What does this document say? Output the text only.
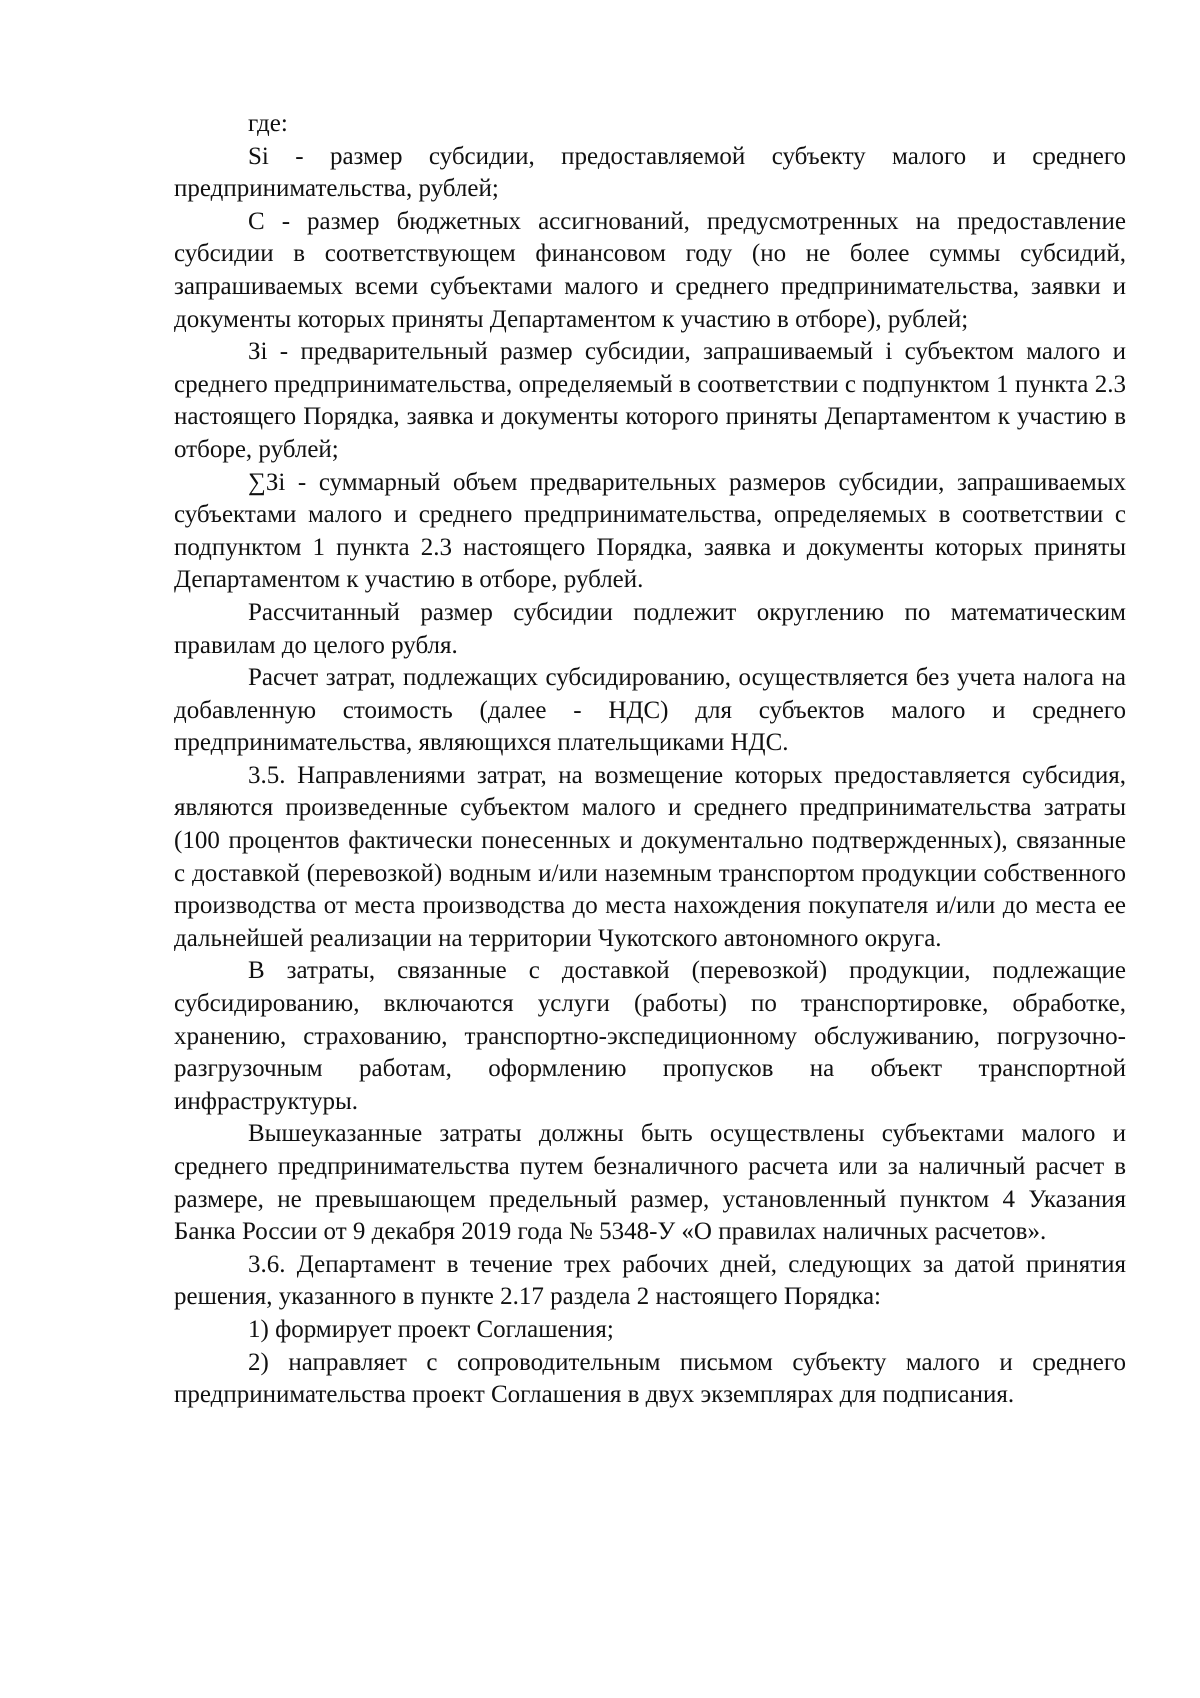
где:

Si - размер субсидии, предоставляемой субъекту малого и среднего предпринимательства, рублей;

С - размер бюджетных ассигнований, предусмотренных на предоставление субсидии в соответствующем финансовом году (но не более суммы субсидий, запрашиваемых всеми субъектами малого и среднего предпринимательства, заявки и документы которых приняты Департаментом к участию в отборе), рублей;

Зi - предварительный размер субсидии, запрашиваемый i субъектом малого и среднего предпринимательства, определяемый в соответствии с подпунктом 1 пункта 2.3 настоящего Порядка, заявка и документы которого приняты Департаментом к участию в отборе, рублей;

∑Зi - суммарный объем предварительных размеров субсидии, запрашиваемых субъектами малого и среднего предпринимательства, определяемых в соответствии с подпунктом 1 пункта 2.3 настоящего Порядка, заявка и документы которых приняты Департаментом к участию в отборе, рублей.

Рассчитанный размер субсидии подлежит округлению по математическим правилам до целого рубля.

Расчет затрат, подлежащих субсидированию, осуществляется без учета налога на добавленную стоимость (далее - НДС) для субъектов малого и среднего предпринимательства, являющихся плательщиками НДС.

3.5. Направлениями затрат, на возмещение которых предоставляется субсидия, являются произведенные субъектом малого и среднего предпринимательства затраты (100 процентов фактически понесенных и документально подтвержденных), связанные с доставкой (перевозкой) водным и/или наземным транспортом продукции собственного производства от места производства до места нахождения покупателя и/или до места ее дальнейшей реализации на территории Чукотского автономного округа.

В затраты, связанные с доставкой (перевозкой) продукции, подлежащие субсидированию, включаются услуги (работы) по транспортировке, обработке, хранению, страхованию, транспортно-экспедиционному обслуживанию, погрузочно-разгрузочным работам, оформлению пропусков на объект транспортной инфраструктуры.

Вышеуказанные затраты должны быть осуществлены субъектами малого и среднего предпринимательства путем безналичного расчета или за наличный расчет в размере, не превышающем предельный размер, установленный пунктом 4 Указания Банка России от 9 декабря 2019 года № 5348-У «О правилах наличных расчетов».

3.6. Департамент в течение трех рабочих дней, следующих за датой принятия решения, указанного в пункте 2.17 раздела 2 настоящего Порядка:

1) формирует проект Соглашения;

2) направляет с сопроводительным письмом субъекту малого и среднего предпринимательства проект Соглашения в двух экземплярах для подписания.
